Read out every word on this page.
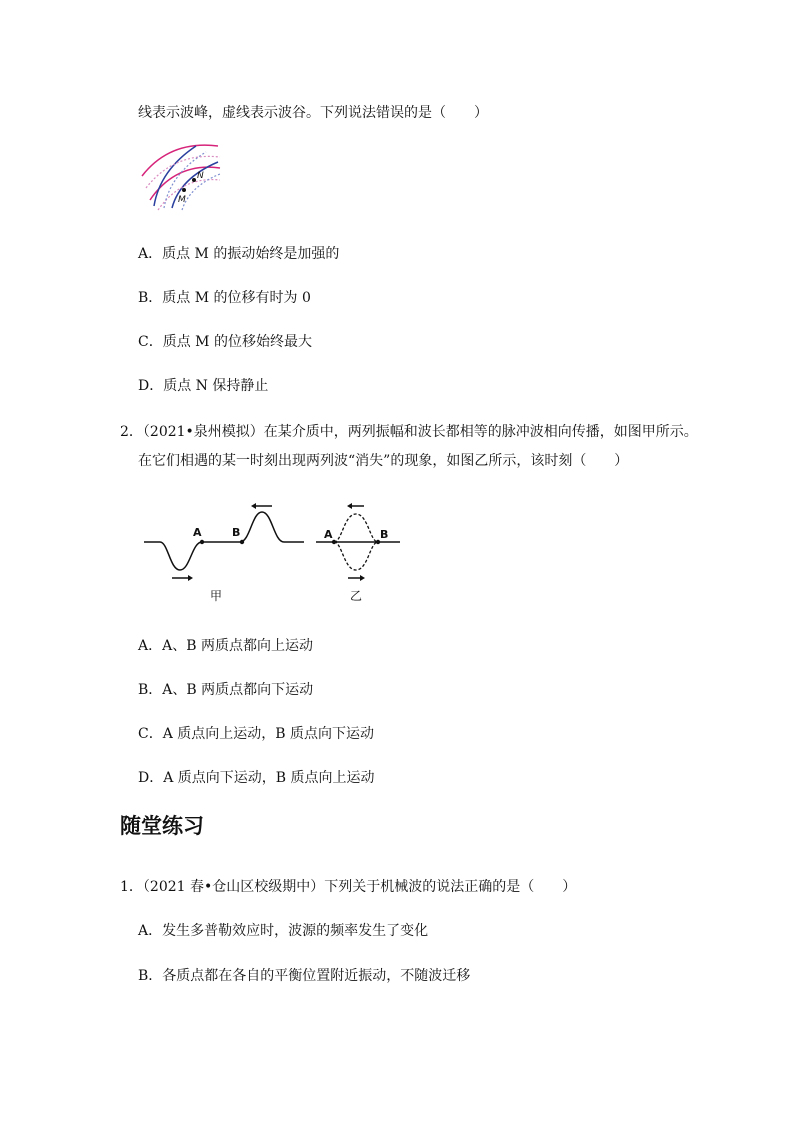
线表示波峰，虚线表示波谷。下列说法错误的是（　　）
N
M
A．质点 M 的振动始终是加强的
B．质点 M 的位移有时为 0
C．质点 M 的位移始终最大
D．质点 N 保持静止
2．（2021•泉州模拟）在某介质中，两列振幅和波长都相等的脉冲波相向传播，如图甲所示。
在它们相遇的某一时刻出现两列波“消失”的现象，如图乙所示，该时刻（　　）
A	B
甲
A	B
乙
A．A、B 两质点都向上运动
B．A、B 两质点都向下运动
C．A 质点向上运动，B 质点向下运动
D．A 质点向下运动，B 质点向上运动
随堂练习
1．（2021 春•仓山区校级期中）下列关于机械波的说法正确的是（　　）
A．发生多普勒效应时，波源的频率发生了变化
B．各质点都在各自的平衡位置附近振动，不随波迁移
